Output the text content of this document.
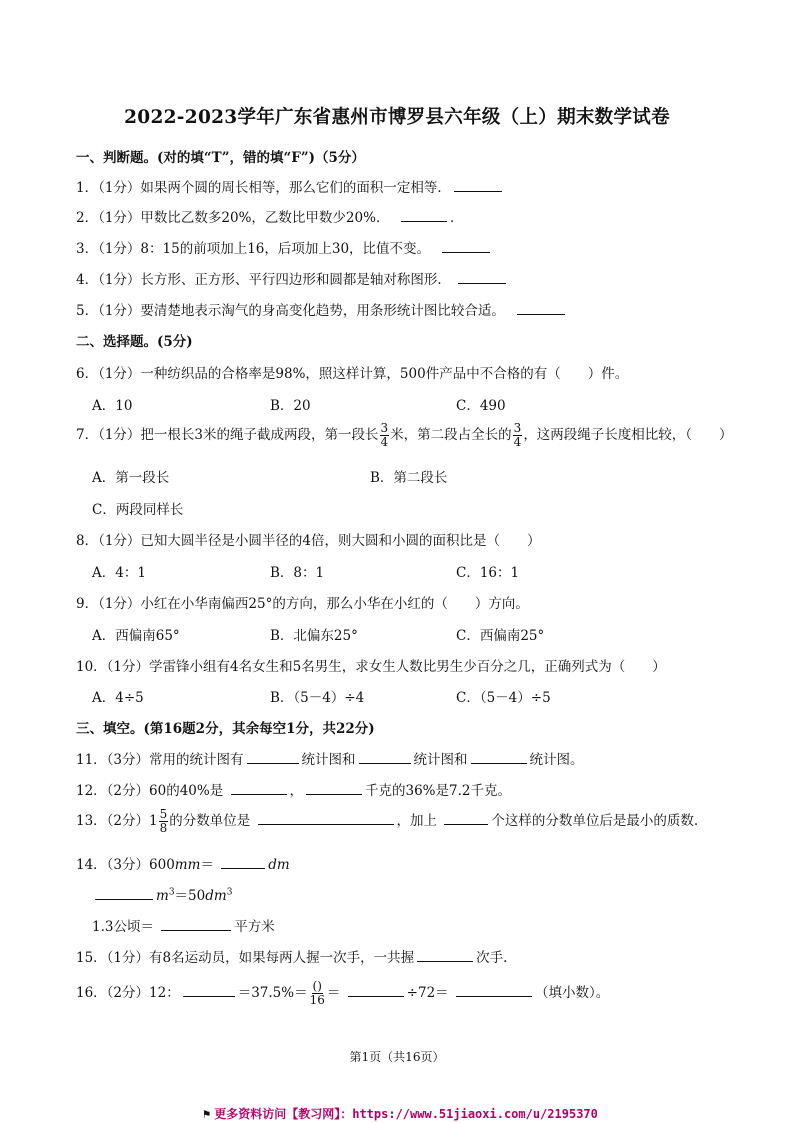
2022-2023学年广东省惠州市博罗县六年级（上）期末数学试卷
一、判断题。(对的填“T”，错的填“F”)（5分）
1．（1分）如果两个圆的周长相等，那么它们的面积一定相等．
2．（1分）甲数比乙数多20%，乙数比甲数少20%．	．
3．（1分）8：15的前项加上16，后项加上30，比值不变。
4．（1分）长方形、正方形、平行四边形和圆都是轴对称图形．
5．（1分）要清楚地表示淘气的身高变化趋势，用条形统计图比较合适。
二、选择题。(5分)
6．（1分）一种纺织品的合格率是98%，照这样计算，500件产品中不合格的有（　　）件。
A．10	B．20	C．490
7．（1分）把一根长3米的绳子截成两段，第一段长 $\frac{3}{4}$ 米，第二段占全长的 $\frac{3}{4}$ ，这两段绳子长度相比较，（　　）
A．第一段长	B．第二段长
C．两段同样长
8．（1分）已知大圆半径是小圆半径的4倍，则大圆和小圆的面积比是（　　）
A．4：1	B．8：1	C．16：1
9．（1分）小红在小华南偏西25°的方向，那么小华在小红的（　　）方向。
A．西偏南65°	B．北偏东25°	C．西偏南25°
10．（1分）学雷锋小组有4名女生和5名男生，求女生人数比男生少百分之几，正确列式为（　　）
A．4÷5	B．（5－4）÷4	C．（5－4）÷5
三、填空。(第16题2分，其余每空1分，共22分)
11．（3分）常用的统计图有	统计图和	统计图和	统计图。
12．（2分）60的40%是	，	千克的36%是7.2千克。
13．（2分）$1 \frac{5}{8}$ 的分数单位是	，加上	个这样的分数单位后是最小的质数.
14．（3分）600mm＝	dm
$m^3=50dm^3$
1.3公顷＝	平方米
15．（1分）有8名运动员，如果每两人握一次手，一共握	次手.
16．（2分）12：	$=37.5\%= \frac{()}{16}$ ＝	÷72＝	（填小数）。
第1页（共16页）
⚑ 更多资料访问【教习网】：https://www.51jiaoxi.com/u/2195370
